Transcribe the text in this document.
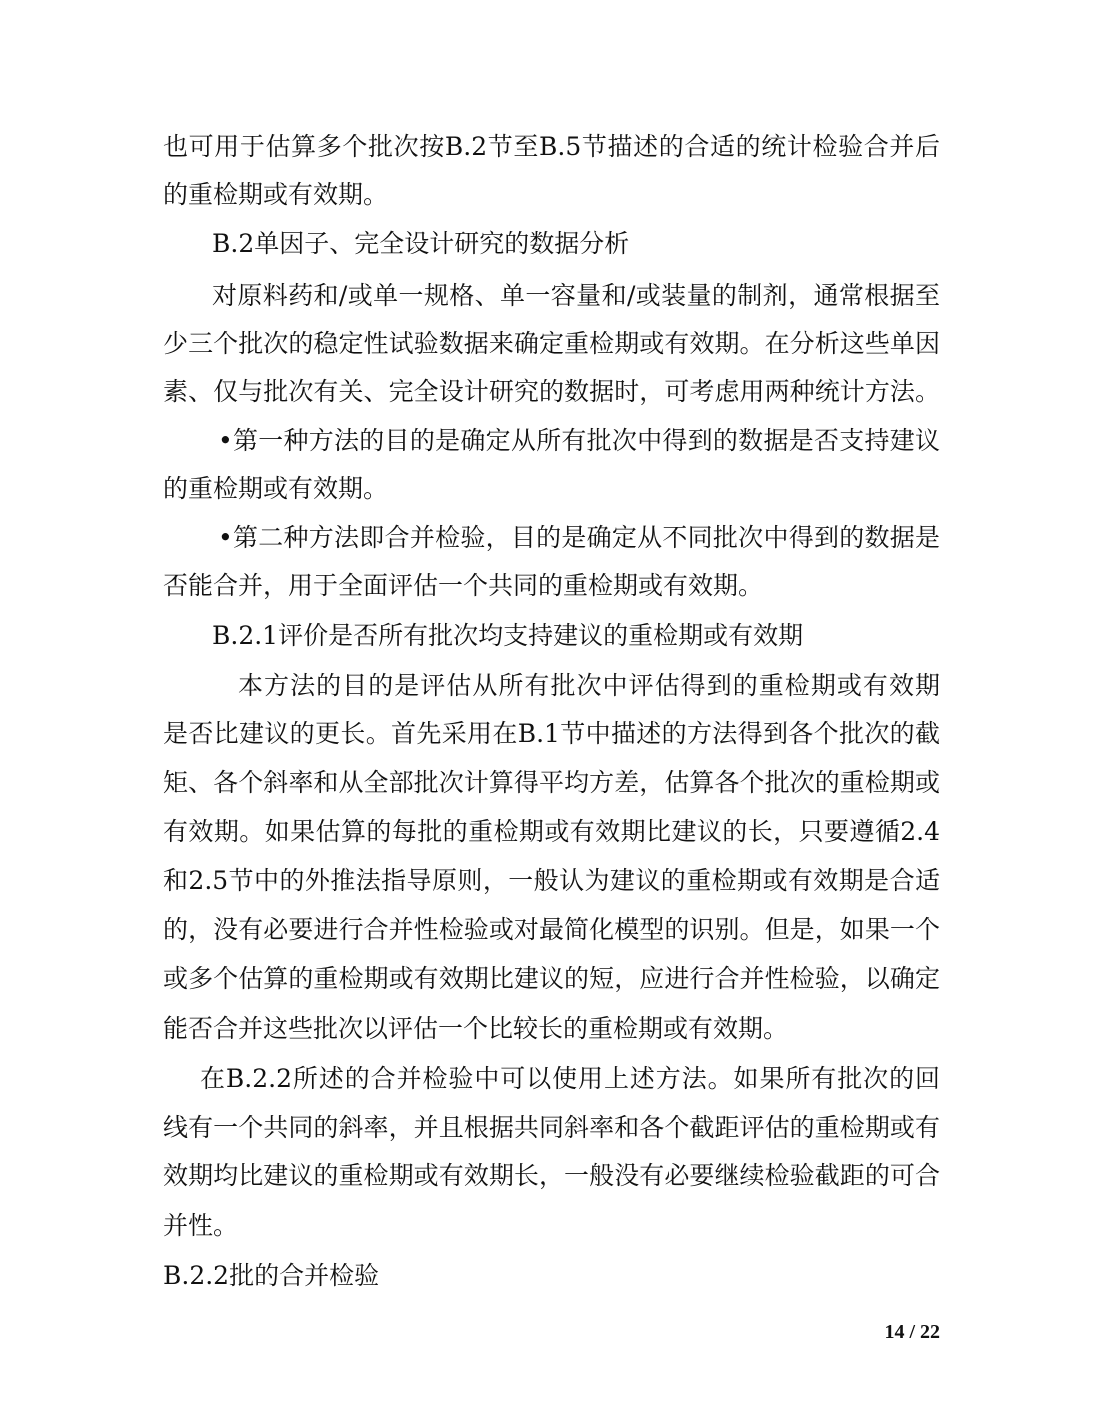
也可用于估算多个批次按B.2节至B.5节描述的合适的统计检验合并后
的重检期或有效期。
B.2单因子、完全设计研究的数据分析
对原料药和/或单一规格、单一容量和/或装量的制剂，通常根据至
少三个批次的稳定性试验数据来确定重检期或有效期。在分析这些单因
素、仅与批次有关、完全设计研究的数据时，可考虑用两种统计方法。
•第一种方法的目的是确定从所有批次中得到的数据是否支持建议
的重检期或有效期。
•第二种方法即合并检验，目的是确定从不同批次中得到的数据是
否能合并，用于全面评估一个共同的重检期或有效期。
B.2.1评价是否所有批次均支持建议的重检期或有效期
本方法的目的是评估从所有批次中评估得到的重检期或有效期
是否比建议的更长。首先采用在B.1节中描述的方法得到各个批次的截
矩、各个斜率和从全部批次计算得平均方差，估算各个批次的重检期或
有效期。如果估算的每批的重检期或有效期比建议的长，只要遵循2.4
和2.5节中的外推法指导原则，一般认为建议的重检期或有效期是合适
的，没有必要进行合并性检验或对最简化模型的识别。但是，如果一个
或多个估算的重检期或有效期比建议的短，应进行合并性检验，以确定
能否合并这些批次以评估一个比较长的重检期或有效期。
在B.2.2所述的合并检验中可以使用上述方法。如果所有批次的回
线有一个共同的斜率，并且根据共同斜率和各个截距评估的重检期或有
效期均比建议的重检期或有效期长，一般没有必要继续检验截距的可合
并性。
B.2.2批的合并检验
14 / 22
